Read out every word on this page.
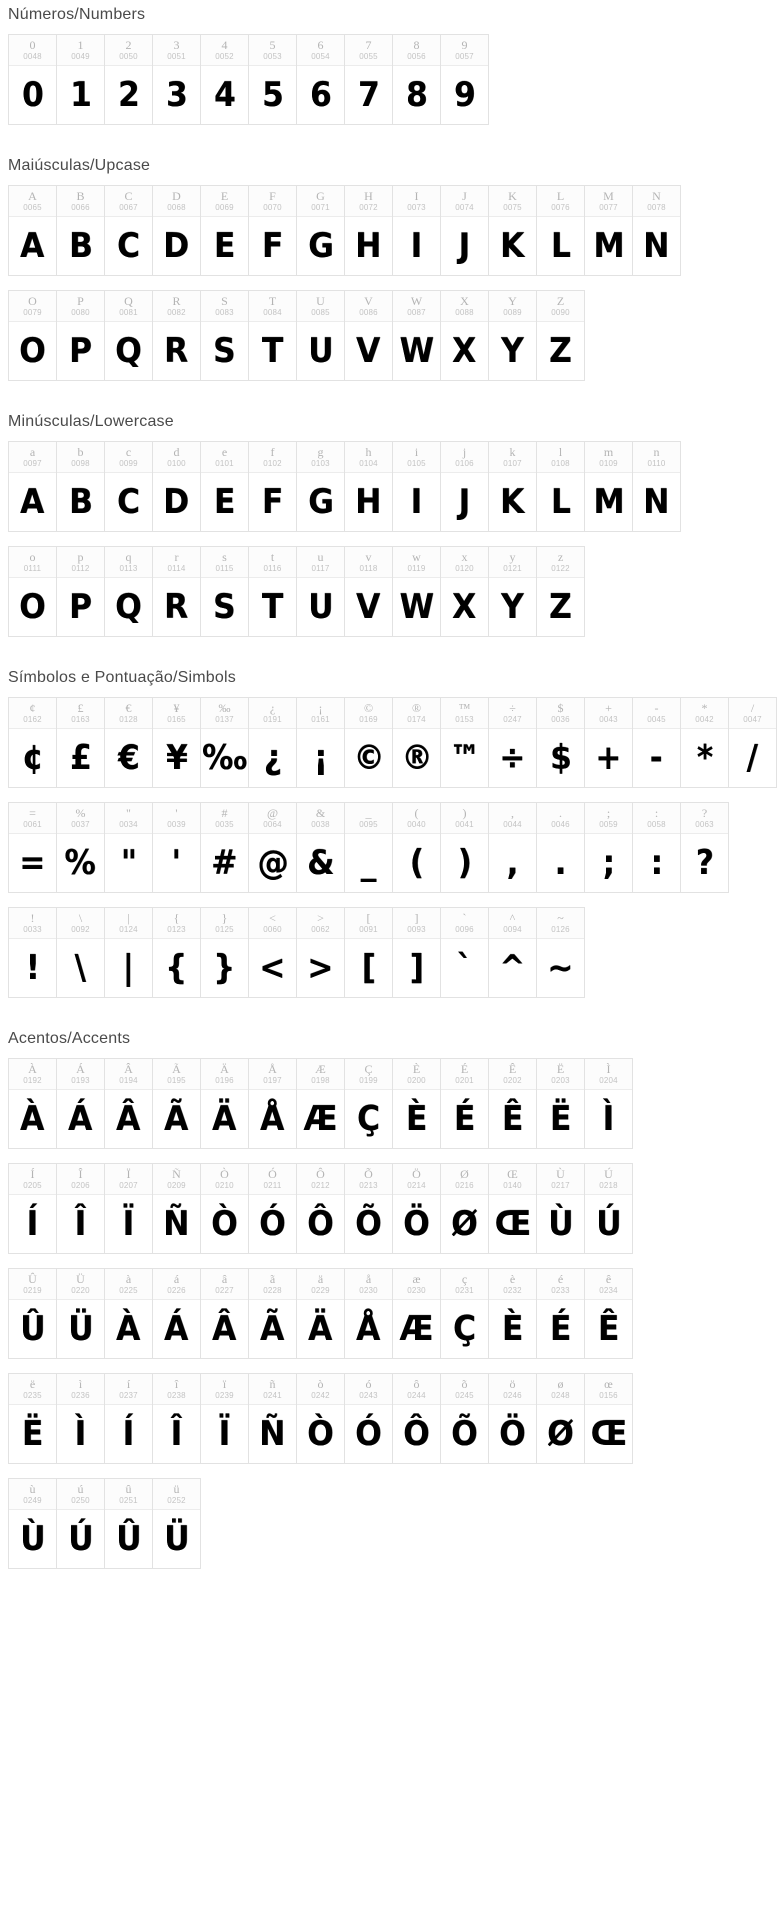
Números/Numbers
0
0048
0
1
0049
1
2
0050
2
3
0051
3
4
0052
4
5
0053
5
6
0054
6
7
0055
7
8
0056
8
9
0057
9
Maiúsculas/Upcase
A
0065
A
B
0066
B
C
0067
C
D
0068
D
E
0069
E
F
0070
F
G
0071
G
H
0072
H
I
0073
I
J
0074
J
K
0075
K
L
0076
L
M
0077
M
N
0078
N
O
0079
O
P
0080
P
Q
0081
Q
R
0082
R
S
0083
S
T
0084
T
U
0085
U
V
0086
V
W
0087
W
X
0088
X
Y
0089
Y
Z
0090
Z
Minúsculas/Lowercase
a
0097
A
b
0098
B
c
0099
C
d
0100
D
e
0101
E
f
0102
F
g
0103
G
h
0104
H
i
0105
I
j
0106
J
k
0107
K
l
0108
L
m
0109
M
n
0110
N
o
0111
O
p
0112
P
q
0113
Q
r
0114
R
s
0115
S
t
0116
T
u
0117
U
v
0118
V
w
0119
W
x
0120
X
y
0121
Y
z
0122
Z
Símbolos e Pontuação/Simbols
¢
0162
¢
£
0163
£
€
0128
€
¥
0165
¥
‰
0137
‰
¿
0191
¿
¡
0161
¡
©
0169
©
®
0174
®
™
0153
™
÷
0247
÷
$
0036
$
+
0043
+
-
0045
-
*
0042
*
/
0047
/
=
0061
=
%
0037
%
"
0034
"
'
0039
'
#
0035
#
@
0064
@
&
0038
&
_
0095
_
(
0040
(
)
0041
)
,
0044
,
.
0046
.
;
0059
;
:
0058
:
?
0063
?
!
0033
!
\
0092
\
|
0124
|
{
0123
{
}
0125
}
<
0060
<
>
0062
>
[
0091
[
]
0093
]
`
0096
`
^
0094
^
~
0126
~
Acentos/Accents
À
0192
À
Á
0193
Á
Â
0194
Â
Ã
0195
Ã
Ä
0196
Ä
Å
0197
Å
Æ
0198
Æ
Ç
0199
Ç
È
0200
È
É
0201
É
Ê
0202
Ê
Ë
0203
Ë
Ì
0204
Ì
Í
0205
Í
Î
0206
Î
Ï
0207
Ï
Ñ
0209
Ñ
Ò
0210
Ò
Ó
0211
Ó
Ô
0212
Ô
Õ
0213
Õ
Ö
0214
Ö
Ø
0216
Ø
Œ
0140
Œ
Ù
0217
Ù
Ú
0218
Ú
Û
0219
Û
Ü
0220
Ü
à
0225
À
á
0226
Á
â
0227
Â
ã
0228
Ã
ä
0229
Ä
å
0230
Å
æ
0230
Æ
ç
0231
Ç
è
0232
È
é
0233
É
ê
0234
Ê
ë
0235
Ë
ì
0236
Ì
í
0237
Í
î
0238
Î
ï
0239
Ï
ñ
0241
Ñ
ò
0242
Ò
ó
0243
Ó
ô
0244
Ô
õ
0245
Õ
ö
0246
Ö
ø
0248
Ø
œ
0156
Œ
ù
0249
Ù
ú
0250
Ú
û
0251
Û
ü
0252
Ü
